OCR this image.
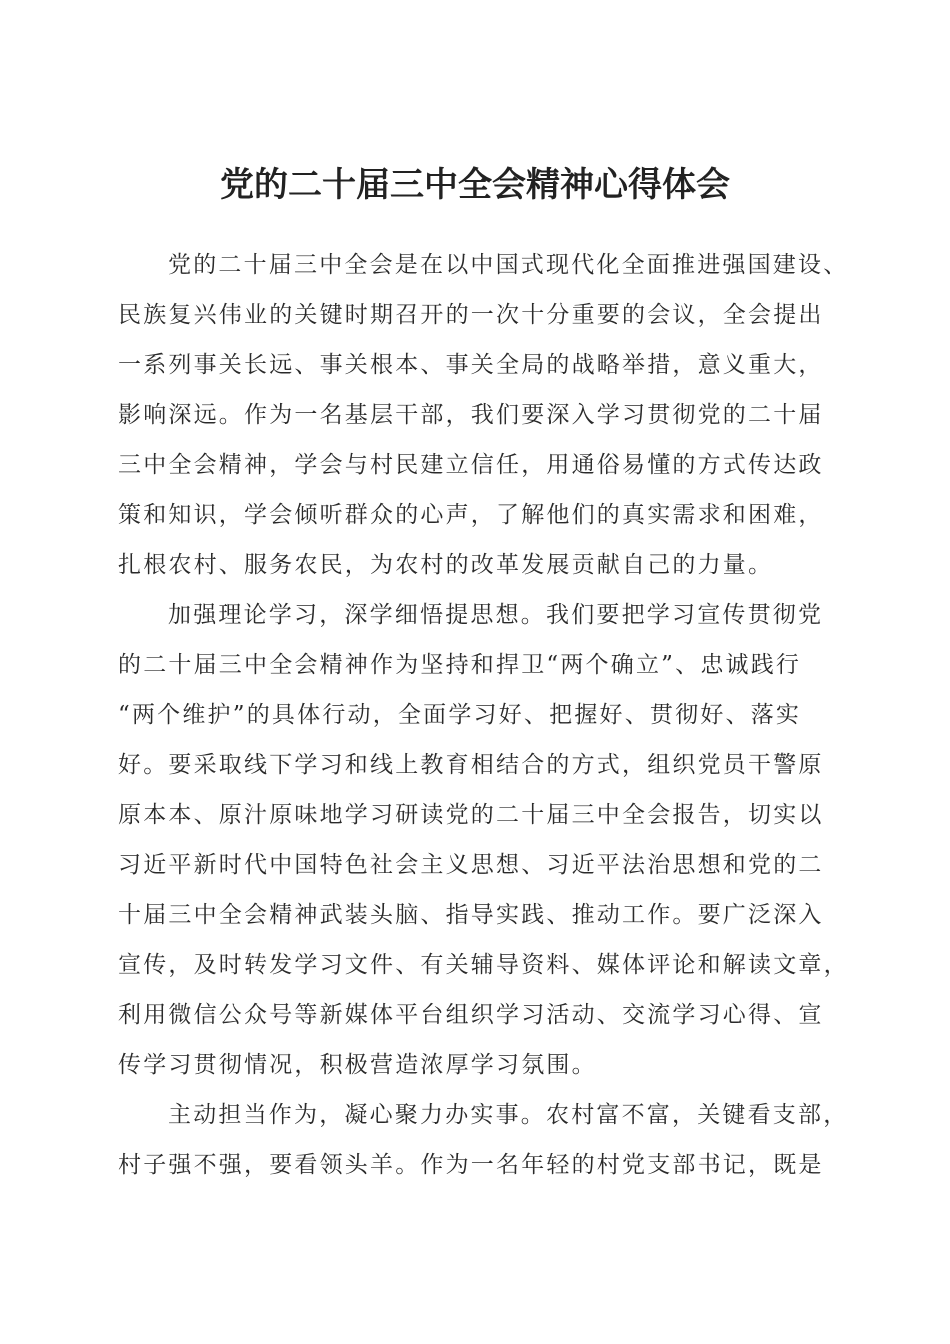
党的二十届三中全会精神心得体会
党的二十届三中全会是在以中国式现代化全面推进强国建设、
民族复兴伟业的关键时期召开的一次十分重要的会议，全会提出
一系列事关长远、事关根本、事关全局的战略举措，意义重大，
影响深远。作为一名基层干部，我们要深入学习贯彻党的二十届
三中全会精神，学会与村民建立信任，用通俗易懂的方式传达政
策和知识，学会倾听群众的心声，了解他们的真实需求和困难，
扎根农村、服务农民，为农村的改革发展贡献自己的力量。
加强理论学习，深学细悟提思想。我们要把学习宣传贯彻党
的二十届三中全会精神作为坚持和捍卫“两个确立”、忠诚践行
“两个维护”的具体行动，全面学习好、把握好、贯彻好、落实
好。要采取线下学习和线上教育相结合的方式，组织党员干警原
原本本、原汁原味地学习研读党的二十届三中全会报告，切实以
习近平新时代中国特色社会主义思想、习近平法治思想和党的二
十届三中全会精神武装头脑、指导实践、推动工作。要广泛深入
宣传，及时转发学习文件、有关辅导资料、媒体评论和解读文章，
利用微信公众号等新媒体平台组织学习活动、交流学习心得、宣
传学习贯彻情况，积极营造浓厚学习氛围。
主动担当作为，凝心聚力办实事。农村富不富，关键看支部，
村子强不强，要看领头羊。作为一名年轻的村党支部书记，既是
